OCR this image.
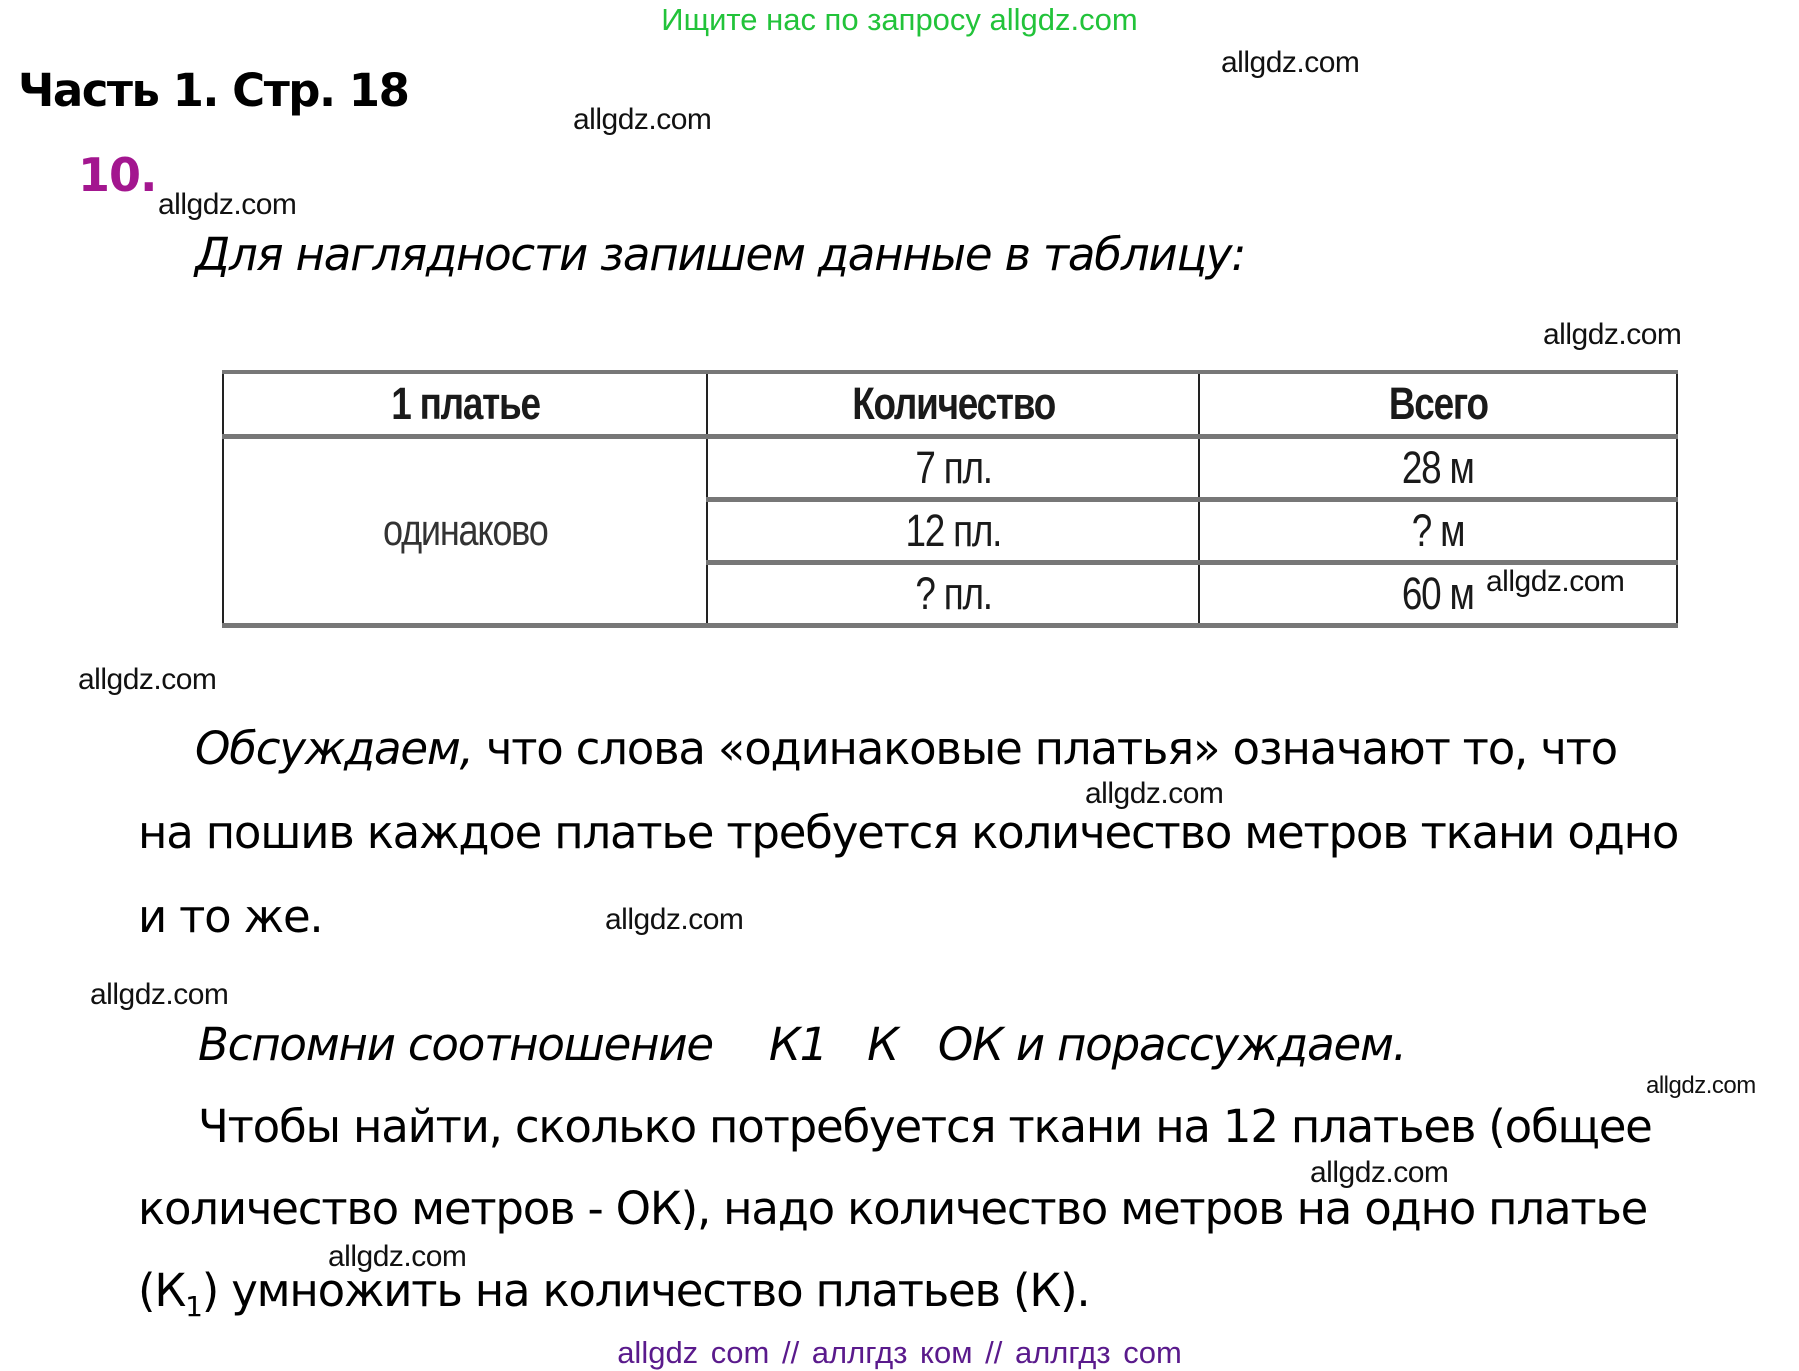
Ищите нас по запросу allgdz.com
Часть 1. Стр. 18
10.
Для наглядности запишем данные в таблицу:
1 платье	Количество	Всего
одинаково	7 пл.	28 м
	12 пл.	? м
	? пл.	60 м
Обсуждаем, что слова «одинаковые платья» означают то, что
на пошив каждое платье требуется количество метров ткани одно
и то же.
Вспомни соотношение К1 К ОК и порассуждаем.
Чтобы найти, сколько потребуется ткани на 12 платьев (общее
количество метров - ОК), надо количество метров на одно платье
$(К_1)$ умножить на количество платьев (К).
allgdz.com
allgdz.com
allgdz.com
allgdz.com
allgdz.com
allgdz.com
allgdz.com
allgdz.com
allgdz.com
allgdz.com
allgdz.com
allgdz.com
allgdz com // аллгдз ком // аллгдз com
